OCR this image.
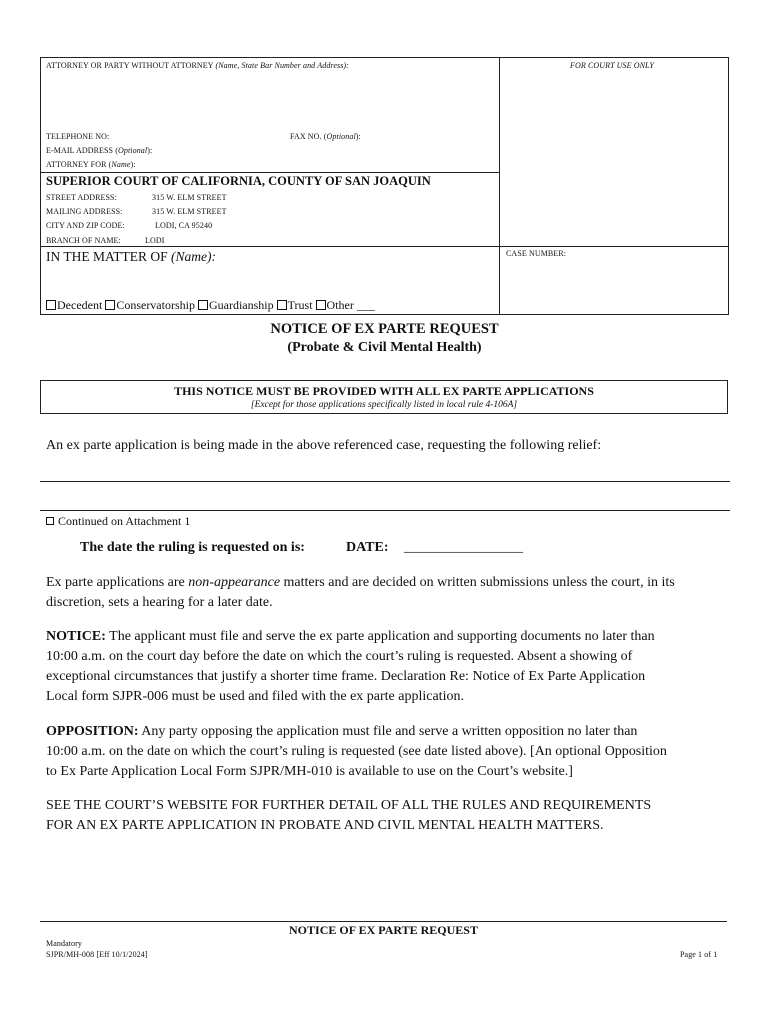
ATTORNEY OR PARTY WITHOUT ATTORNEY (Name, State Bar Number and Address):	FOR COURT USE ONLY
TELEPHONE NO:	FAX NO. (Optional):
E-MAIL ADDRESS (Optional):
ATTORNEY FOR (Name):
SUPERIOR COURT OF CALIFORNIA, COUNTY OF SAN JOAQUIN
STREET ADDRESS:	315 W. ELM STREET
MAILING ADDRESS:	315 W. ELM STREET
CITY AND ZIP CODE:	LODI, CA 95240
BRANCH OF NAME:	LODI
IN THE MATTER OF (Name):	CASE NUMBER:
Decedent Conservatorship Guardianship Trust Other ___
NOTICE OF EX PARTE REQUEST
(Probate & Civil Mental Health)
THIS NOTICE MUST BE PROVIDED WITH ALL EX PARTE APPLICATIONS
[Except for those applications specifically listed in local rule 4-106A]
An ex parte application is being made in the above referenced case, requesting the following relief:
Continued on Attachment 1
The date the ruling is requested on is:	DATE: _________________
Ex parte applications are non-appearance matters and are decided on written submissions unless the court, in its
discretion, sets a hearing for a later date.
NOTICE: The applicant must file and serve the ex parte application and supporting documents no later than
10:00 a.m. on the court day before the date on which the court’s ruling is requested. Absent a showing of
exceptional circumstances that justify a shorter time frame. Declaration Re: Notice of Ex Parte Application
Local form SJPR-006 must be used and filed with the ex parte application.
OPPOSITION: Any party opposing the application must file and serve a written opposition no later than
10:00 a.m. on the date on which the court’s ruling is requested (see date listed above). [An optional Opposition
to Ex Parte Application Local Form SJPR/MH-010 is available to use on the Court’s website.]
SEE THE COURT’S WEBSITE FOR FURTHER DETAIL OF ALL THE RULES AND REQUIREMENTS
FOR AN EX PARTE APPLICATION IN PROBATE AND CIVIL MENTAL HEALTH MATTERS.
NOTICE OF EX PARTE REQUEST
Mandatory
SJPR/MH-008 [Eff 10/1/2024]	Page 1 of 1
